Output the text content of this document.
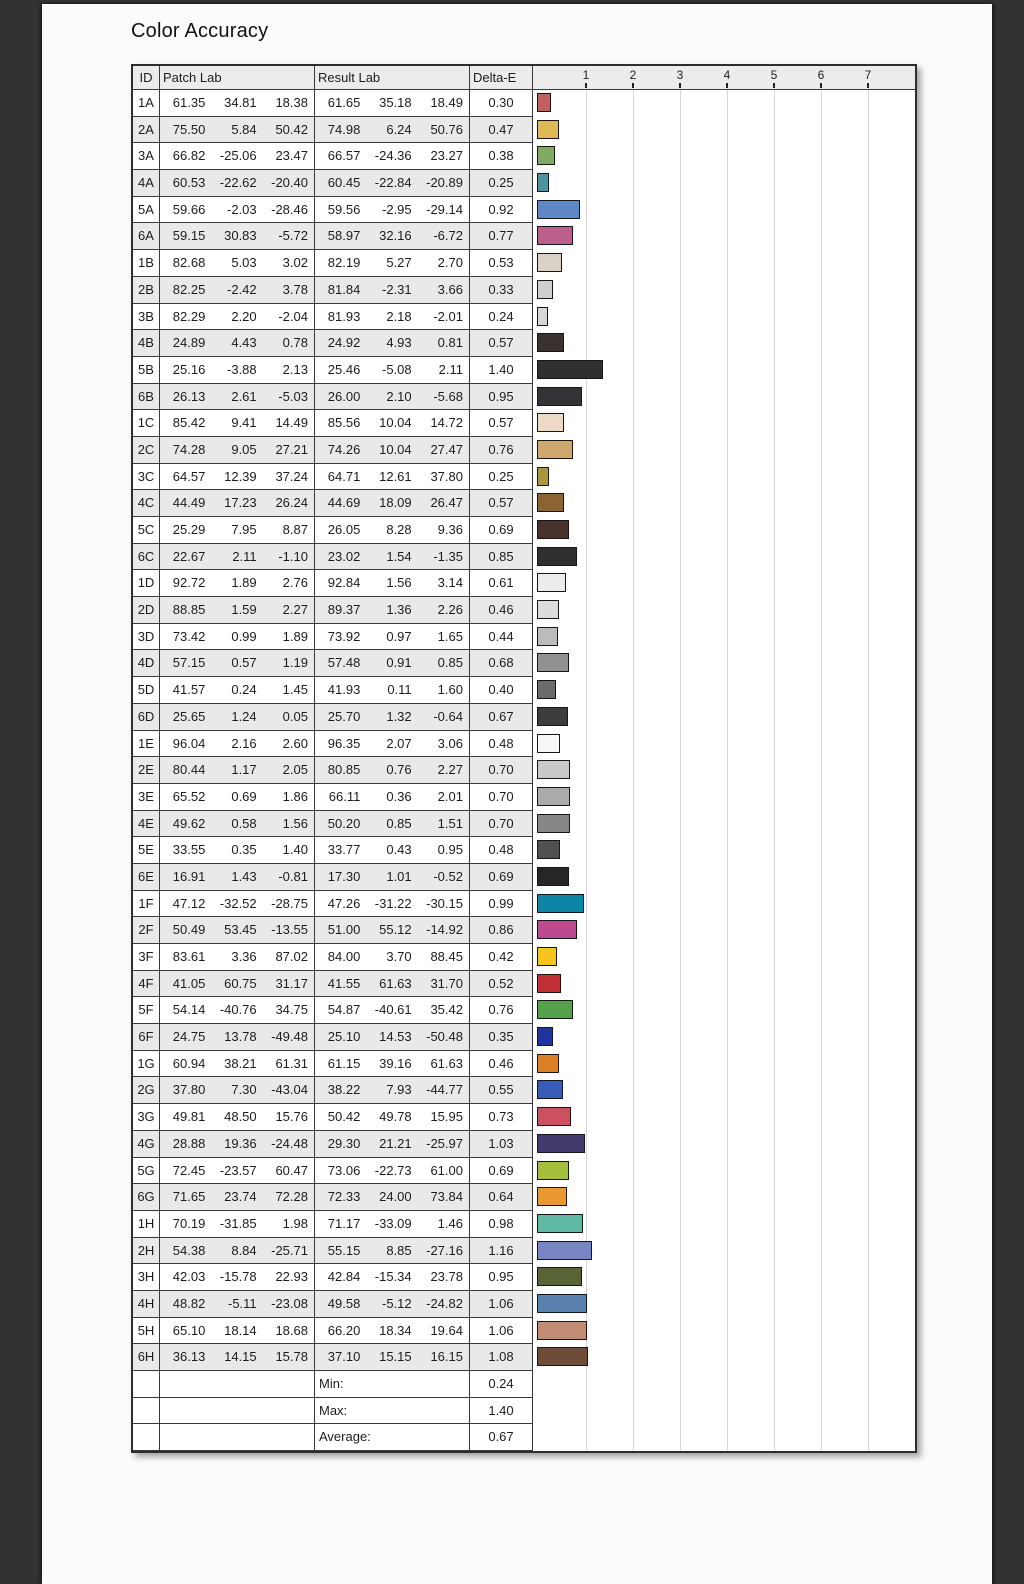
Color Accuracy
ID Patch Lab	Result Lab	Delta-E	1	2	3	4	5	6	7
1A	61.35	34.81	18.38	61.65	35.18	18.49	0.30
2A	75.50	5.84	50.42	74.98	6.24	50.76	0.47
3A	66.82	-25.06	23.47	66.57	-24.36	23.27	0.38
4A	60.53	-22.62	-20.40	60.45	-22.84	-20.89	0.25
5A	59.66	-2.03	-28.46	59.56	-2.95	-29.14	0.92
6A	59.15	30.83	-5.72	58.97	32.16	-6.72	0.77
1B	82.68	5.03	3.02	82.19	5.27	2.70	0.53
2B	82.25	-2.42	3.78	81.84	-2.31	3.66	0.33
3B	82.29	2.20	-2.04	81.93	2.18	-2.01	0.24
4B	24.89	4.43	0.78	24.92	4.93	0.81	0.57
5B	25.16	-3.88	2.13	25.46	-5.08	2.11	1.40
6B	26.13	2.61	-5.03	26.00	2.10	-5.68	0.95
1C	85.42	9.41	14.49	85.56	10.04	14.72	0.57
2C	74.28	9.05	27.21	74.26	10.04	27.47	0.76
3C	64.57	12.39	37.24	64.71	12.61	37.80	0.25
4C	44.49	17.23	26.24	44.69	18.09	26.47	0.57
5C	25.29	7.95	8.87	26.05	8.28	9.36	0.69
6C	22.67	2.11	-1.10	23.02	1.54	-1.35	0.85
1D	92.72	1.89	2.76	92.84	1.56	3.14	0.61
2D	88.85	1.59	2.27	89.37	1.36	2.26	0.46
3D	73.42	0.99	1.89	73.92	0.97	1.65	0.44
4D	57.15	0.57	1.19	57.48	0.91	0.85	0.68
5D	41.57	0.24	1.45	41.93	0.11	1.60	0.40
6D	25.65	1.24	0.05	25.70	1.32	-0.64	0.67
1E	96.04	2.16	2.60	96.35	2.07	3.06	0.48
2E	80.44	1.17	2.05	80.85	0.76	2.27	0.70
3E	65.52	0.69	1.86	66.11	0.36	2.01	0.70
4E	49.62	0.58	1.56	50.20	0.85	1.51	0.70
5E	33.55	0.35	1.40	33.77	0.43	0.95	0.48
6E	16.91	1.43	-0.81	17.30	1.01	-0.52	0.69
1F	47.12	-32.52	-28.75	47.26	-31.22	-30.15	0.99
2F	50.49	53.45	-13.55	51.00	55.12	-14.92	0.86
3F	83.61	3.36	87.02	84.00	3.70	88.45	0.42
4F	41.05	60.75	31.17	41.55	61.63	31.70	0.52
5F	54.14	-40.76	34.75	54.87	-40.61	35.42	0.76
6F	24.75	13.78	-49.48	25.10	14.53	-50.48	0.35
1G	60.94	38.21	61.31	61.15	39.16	61.63	0.46
2G	37.80	7.30	-43.04	38.22	7.93	-44.77	0.55
3G	49.81	48.50	15.76	50.42	49.78	15.95	0.73
4G	28.88	19.36	-24.48	29.30	21.21	-25.97	1.03
5G	72.45	-23.57	60.47	73.06	-22.73	61.00	0.69
6G	71.65	23.74	72.28	72.33	24.00	73.84	0.64
1H	70.19	-31.85	1.98	71.17	-33.09	1.46	0.98
2H	54.38	8.84	-25.71	55.15	8.85	-27.16	1.16
3H	42.03	-15.78	22.93	42.84	-15.34	23.78	0.95
4H	48.82	-5.11	-23.08	49.58	-5.12	-24.82	1.06
5H	65.10	18.14	18.68	66.20	18.34	19.64	1.06
6H	36.13	14.15	15.78	37.10	15.15	16.15	1.08
Min:	0.24
Max:	1.40
Average:	0.67
